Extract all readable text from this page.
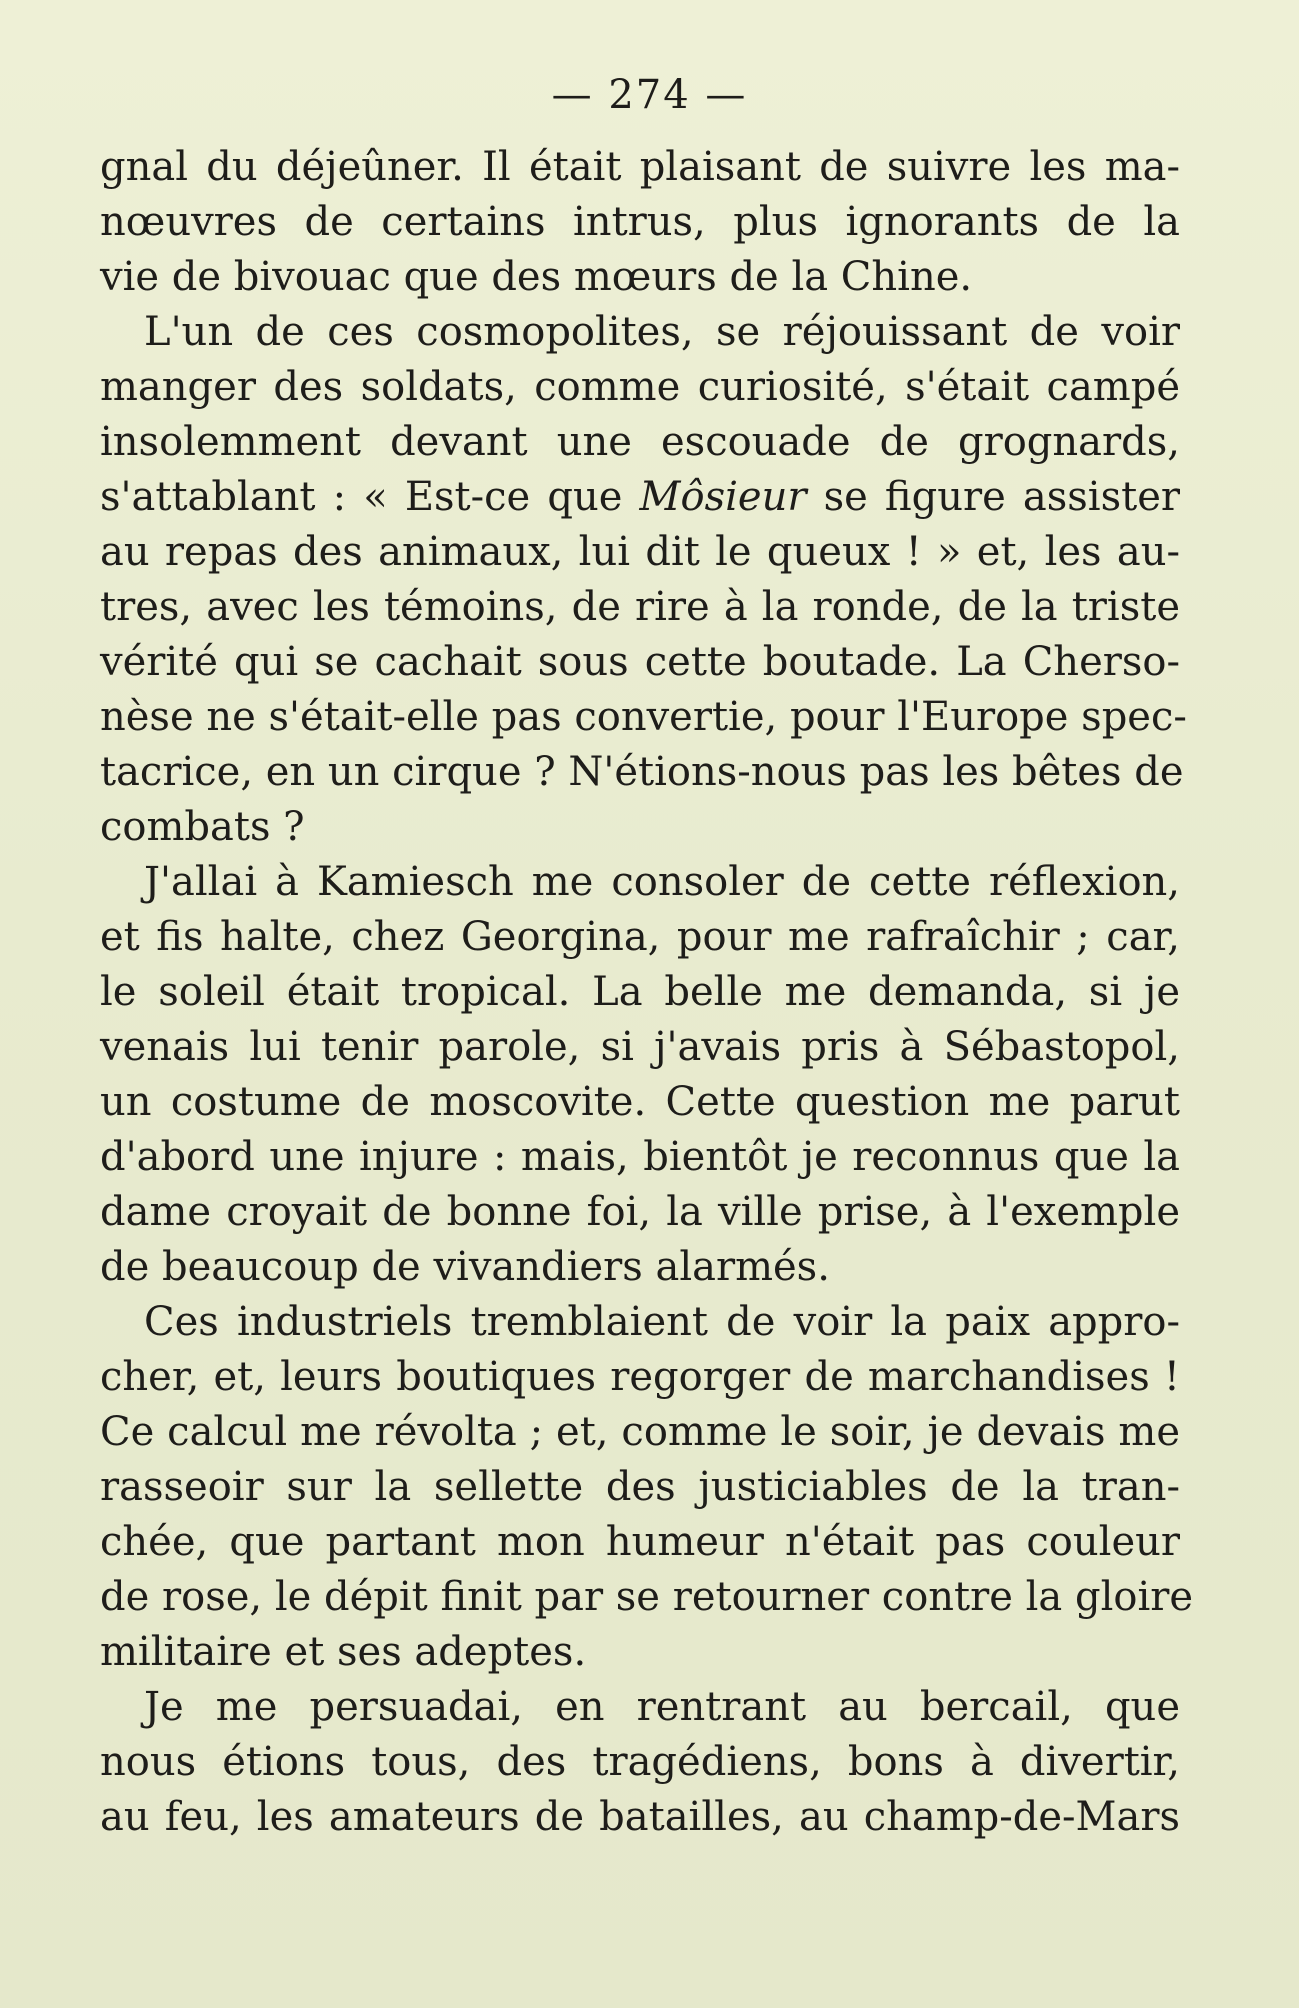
— 274 —
gnal du déjeûner. Il était plaisant de suivre les ma-
nœuvres de certains intrus, plus ignorants de la
vie de bivouac que des mœurs de la Chine.
L'un de ces cosmopolites, se réjouissant de voir
manger des soldats, comme curiosité, s'était campé
insolemment devant une escouade de grognards,
s'attablant : « Est-ce que Môsieur se figure assister
au repas des animaux, lui dit le queux ! » et, les au-
tres, avec les témoins, de rire à la ronde, de la triste
vérité qui se cachait sous cette boutade. La Cherso-
nèse ne s'était-elle pas convertie, pour l'Europe spec-
tacrice, en un cirque ? N'étions-nous pas les bêtes de
combats ?
J'allai à Kamiesch me consoler de cette réflexion,
et fis halte, chez Georgina, pour me rafraîchir ; car,
le soleil était tropical. La belle me demanda, si je
venais lui tenir parole, si j'avais pris à Sébastopol,
un costume de moscovite. Cette question me parut
d'abord une injure : mais, bientôt je reconnus que la
dame croyait de bonne foi, la ville prise, à l'exemple
de beaucoup de vivandiers alarmés.
Ces industriels tremblaient de voir la paix appro-
cher, et, leurs boutiques regorger de marchandises !
Ce calcul me révolta ; et, comme le soir, je devais me
rasseoir sur la sellette des justiciables de la tran-
chée, que partant mon humeur n'était pas couleur
de rose, le dépit finit par se retourner contre la gloire
militaire et ses adeptes.
Je me persuadai, en rentrant au bercail, que
nous étions tous, des tragédiens, bons à divertir,
au feu, les amateurs de batailles, au champ-de-Mars
